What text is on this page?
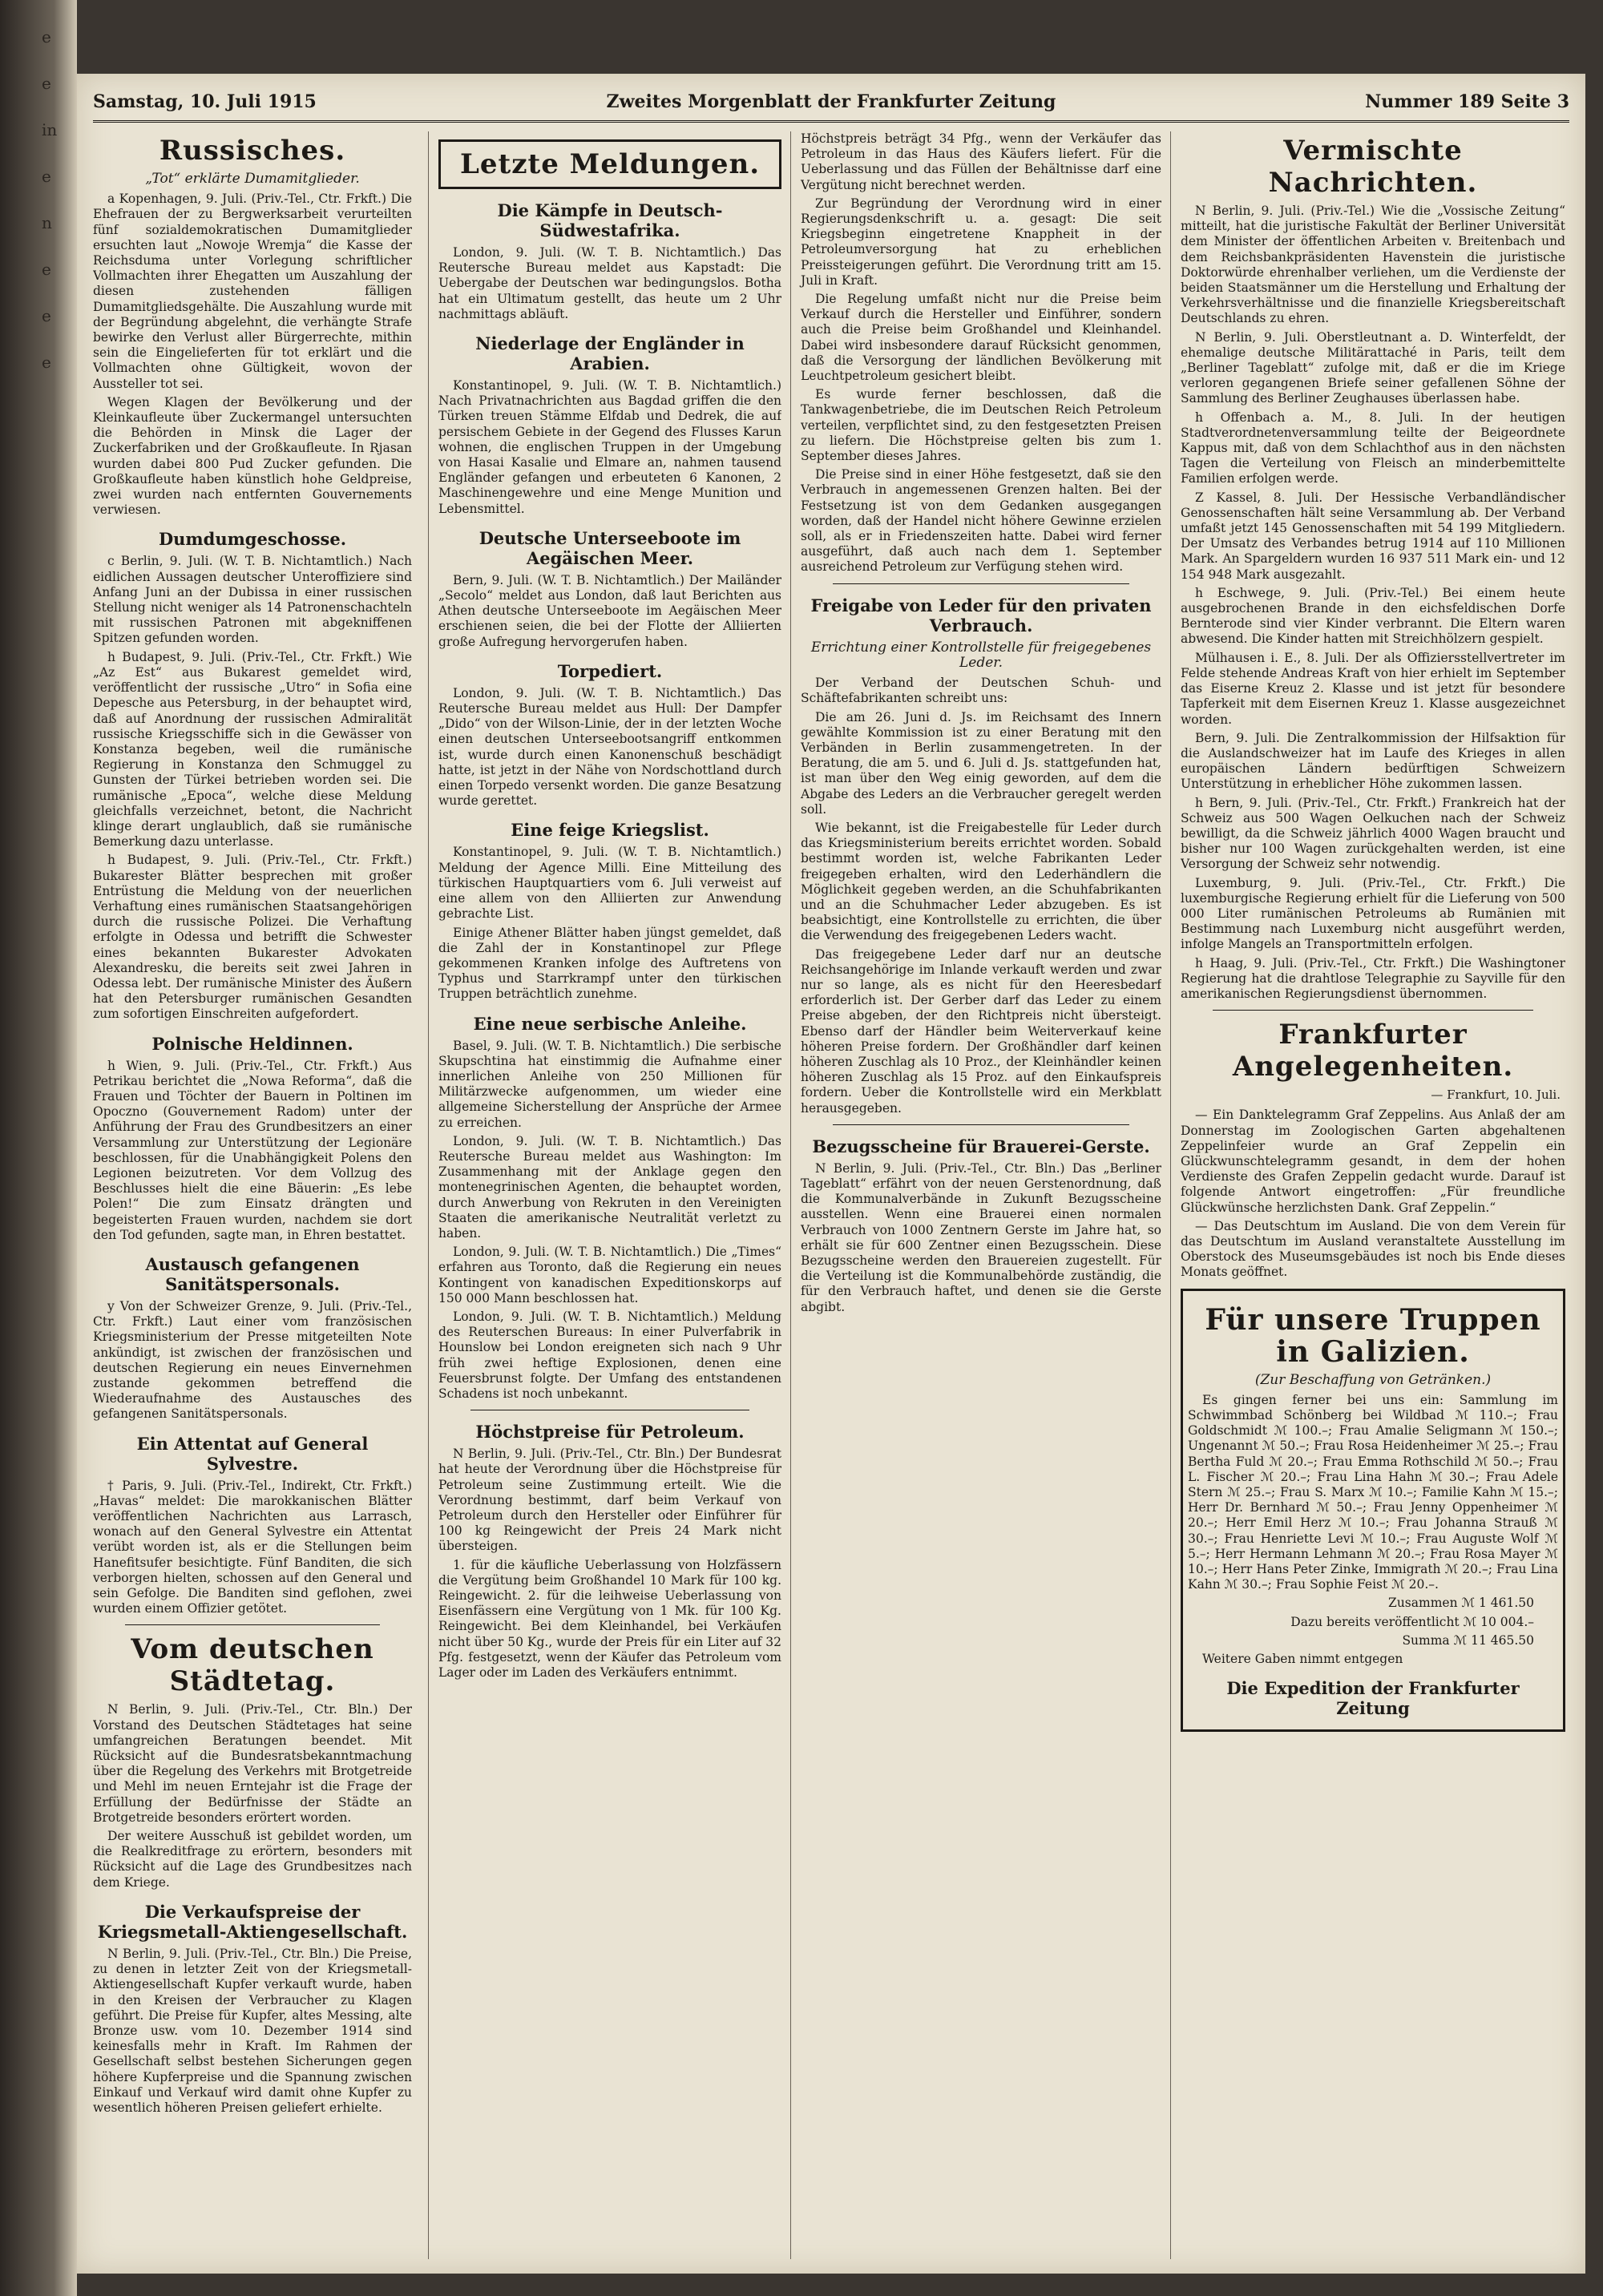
e
e
in
e
n
e
e
e
Samstag, 10. Juli 1915	Zweites Morgenblatt der Frankfurter Zeitung	Nummer 189 Seite 3
Russisches.
„Tot“ erklärte Dumamitglieder.

a Kopenhagen, 9. Juli. (Priv.-Tel., Ctr. Frkft.) Die Ehefrauen der zu Bergwerksarbeit verurteilten fünf sozialdemokratischen Dumamitglieder ersuchten laut „Nowoje Wremja“ die Kasse der Reichsduma unter Vorlegung schriftlicher Vollmachten ihrer Ehegatten um Auszahlung der diesen zustehenden fälligen Dumamitgliedsgehälte. Die Auszahlung wurde mit der Begründung abgelehnt, die verhängte Strafe bewirke den Verlust aller Bürgerrechte, mithin sein die Eingelieferten für tot erklärt und die Vollmachten ohne Gültigkeit, wovon der Aussteller tot sei.

Wegen Klagen der Bevölkerung und der Kleinkaufleute über Zuckermangel untersuchten die Behörden in Minsk die Lager der Zuckerfabriken und der Großkaufleute. In Rjasan wurden dabei 800 Pud Zucker gefunden. Die Großkaufleute haben künstlich hohe Geldpreise, zwei wurden nach entfernten Gouvernements verwiesen.

Dumdumgeschosse.

c Berlin, 9. Juli. (W. T. B. Nichtamtlich.) Nach eidlichen Aussagen deutscher Unteroffiziere sind Anfang Juni an der Dubissa in einer russischen Stellung nicht weniger als 14 Patronenschachteln mit russischen Patronen mit abgekniffenen Spitzen gefunden worden.

h Budapest, 9. Juli. (Priv.-Tel., Ctr. Frkft.) Wie „Az Est“ aus Bukarest gemeldet wird, veröffentlicht der russische „Utro“ in Sofia eine Depesche aus Petersburg, in der behauptet wird, daß auf Anordnung der russischen Admiralität russische Kriegsschiffe sich in die Gewässer von Konstanza begeben, weil die rumänische Regierung in Konstanza den Schmuggel zu Gunsten der Türkei betrieben worden sei. Die rumänische „Epoca“, welche diese Meldung gleichfalls verzeichnet, betont, die Nachricht klinge derart unglaublich, daß sie rumänische Bemerkung dazu unterlasse.

h Budapest, 9. Juli. (Priv.-Tel., Ctr. Frkft.) Bukarester Blätter besprechen mit großer Entrüstung die Meldung von der neuerlichen Verhaftung eines rumänischen Staatsangehörigen durch die russische Polizei. Die Verhaftung erfolgte in Odessa und betrifft die Schwester eines bekannten Bukarester Advokaten Alexandresku, die bereits seit zwei Jahren in Odessa lebt. Der rumänische Minister des Äußern hat den Petersburger rumänischen Gesandten zum sofortigen Einschreiten aufgefordert.

Polnische Heldinnen.

h Wien, 9. Juli. (Priv.-Tel., Ctr. Frkft.) Aus Petrikau berichtet die „Nowa Reforma“, daß die Frauen und Töchter der Bauern in Poltinen im Opoczno (Gouvernement Radom) unter der Anführung der Frau des Grundbesitzers an einer Versammlung zur Unterstützung der Legionäre beschlossen, für die Unabhängigkeit Polens den Legionen beizutreten. Vor dem Vollzug des Beschlusses hielt die eine Bäuerin: „Es lebe Polen!“ Die zum Einsatz drängten und begeisterten Frauen wurden, nachdem sie dort den Tod gefunden, sagte man, in Ehren bestattet.

Austausch gefangenen Sanitätspersonals.

y Von der Schweizer Grenze, 9. Juli. (Priv.-Tel., Ctr. Frkft.) Laut einer vom französischen Kriegsministerium der Presse mitgeteilten Note ankündigt, ist zwischen der französischen und deutschen Regierung ein neues Einvernehmen zustande gekommen betreffend die Wiederaufnahme des Austausches des gefangenen Sanitätspersonals.

Ein Attentat auf General Sylvestre.

† Paris, 9. Juli. (Priv.-Tel., Indirekt, Ctr. Frkft.) „Havas“ meldet: Die marokkanischen Blätter veröffentlichen Nachrichten aus Larrasch, wonach auf den General Sylvestre ein Attentat verübt worden ist, als er die Stellungen beim Hanefitsufer besichtigte. Fünf Banditen, die sich verborgen hielten, schossen auf den General und sein Gefolge. Die Banditen sind geflohen, zwei wurden einem Offizier getötet.

Vom deutschen Städtetag.

N Berlin, 9. Juli. (Priv.-Tel., Ctr. Bln.) Der Vorstand des Deutschen Städtetages hat seine umfangreichen Beratungen beendet. Mit Rücksicht auf die Bundesratsbekanntmachung über die Regelung des Verkehrs mit Brotgetreide und Mehl im neuen Erntejahr ist die Frage der Erfüllung der Bedürfnisse der Städte an Brotgetreide besonders erörtert worden.

Der weitere Ausschuß ist gebildet worden, um die Realkreditfrage zu erörtern, besonders mit Rücksicht auf die Lage des Grundbesitzes nach dem Kriege.

Die Verkaufspreise der Kriegsmetall-Aktiengesellschaft.

N Berlin, 9. Juli. (Priv.-Tel., Ctr. Bln.) Die Preise, zu denen in letzter Zeit von der Kriegsmetall-Aktiengesellschaft Kupfer verkauft wurde, haben in den Kreisen der Verbraucher zu Klagen geführt. Die Preise für Kupfer, altes Messing, alte Bronze usw. vom 10. Dezember 1914 sind keinesfalls mehr in Kraft. Im Rahmen der Gesellschaft selbst bestehen Sicherungen gegen höhere Kupferpreise und die Spannung zwischen Einkauf und Verkauf wird damit ohne Kupfer zu wesentlich höheren Preisen geliefert erhielte.

Letzte Meldungen.
Die Kämpfe in Deutsch-Südwestafrika.

London, 9. Juli. (W. T. B. Nichtamtlich.) Das Reutersche Bureau meldet aus Kapstadt: Die Uebergabe der Deutschen war bedingungslos. Botha hat ein Ultimatum gestellt, das heute um 2 Uhr nachmittags abläuft.

Niederlage der Engländer in Arabien.

Konstantinopel, 9. Juli. (W. T. B. Nichtamtlich.) Nach Privatnachrichten aus Bagdad griffen die den Türken treuen Stämme Elfdab und Dedrek, die auf persischem Gebiete in der Gegend des Flusses Karun wohnen, die englischen Truppen in der Umgebung von Hasai Kasalie und Elmare an, nahmen tausend Engländer gefangen und erbeuteten 6 Kanonen, 2 Maschinengewehre und eine Menge Munition und Lebensmittel.

Deutsche Unterseeboote im Aegäischen Meer.

Bern, 9. Juli. (W. T. B. Nichtamtlich.) Der Mailänder „Secolo“ meldet aus London, daß laut Berichten aus Athen deutsche Unterseeboote im Aegäischen Meer erschienen seien, die bei der Flotte der Alliierten große Aufregung hervorgerufen haben.

Torpediert.

London, 9. Juli. (W. T. B. Nichtamtlich.) Das Reutersche Bureau meldet aus Hull: Der Dampfer „Dido“ von der Wilson-Linie, der in der letzten Woche einen deutschen Unterseebootsangriff entkommen ist, wurde durch einen Kanonenschuß beschädigt hatte, ist jetzt in der Nähe von Nordschottland durch einen Torpedo versenkt worden. Die ganze Besatzung wurde gerettet.

Eine feige Kriegslist.

Konstantinopel, 9. Juli. (W. T. B. Nichtamtlich.) Meldung der Agence Milli. Eine Mitteilung des türkischen Hauptquartiers vom 6. Juli verweist auf eine allem von den Alliierten zur Anwendung gebrachte List.

Einige Athener Blätter haben jüngst gemeldet, daß die Zahl der in Konstantinopel zur Pflege gekommenen Kranken infolge des Auftretens von Typhus und Starrkrampf unter den türkischen Truppen beträchtlich zunehme.

Eine neue serbische Anleihe.

Basel, 9. Juli. (W. T. B. Nichtamtlich.) Die serbische Skupschtina hat einstimmig die Aufnahme einer innerlichen Anleihe von 250 Millionen für Militärzwecke aufgenommen, um wieder eine allgemeine Sicherstellung der Ansprüche der Armee zu erreichen.

London, 9. Juli. (W. T. B. Nichtamtlich.) Das Reutersche Bureau meldet aus Washington: Im Zusammenhang mit der Anklage gegen den montenegrinischen Agenten, die behauptet worden, durch Anwerbung von Rekruten in den Vereinigten Staaten die amerikanische Neutralität verletzt zu haben.

London, 9. Juli. (W. T. B. Nichtamtlich.) Die „Times“ erfahren aus Toronto, daß die Regierung ein neues Kontingent von kanadischen Expeditionskorps auf 150 000 Mann beschlossen hat.

London, 9. Juli. (W. T. B. Nichtamtlich.) Meldung des Reuterschen Bureaus: In einer Pulverfabrik in Hounslow bei London ereigneten sich nach 9 Uhr früh zwei heftige Explosionen, denen eine Feuersbrunst folgte. Der Umfang des entstandenen Schadens ist noch unbekannt.

Höchstpreise für Petroleum.

N Berlin, 9. Juli. (Priv.-Tel., Ctr. Bln.) Der Bundesrat hat heute der Verordnung über die Höchstpreise für Petroleum seine Zustimmung erteilt. Wie die Verordnung bestimmt, darf beim Verkauf von Petroleum durch den Hersteller oder Einführer für 100 kg Reingewicht der Preis 24 Mark nicht übersteigen.

1. für die käufliche Ueberlassung von Holzfässern die Vergütung beim Großhandel 10 Mark für 100 kg. Reingewicht. 2. für die leihweise Ueberlassung von Eisenfässern eine Vergütung von 1 Mk. für 100 Kg. Reingewicht. Bei dem Kleinhandel, bei Verkäufen nicht über 50 Kg., wurde der Preis für ein Liter auf 32 Pfg. festgesetzt, wenn der Käufer das Petroleum vom Lager oder im Laden des Verkäufers entnimmt.

Höchstpreis beträgt 34 Pfg., wenn der Verkäufer das Petroleum in das Haus des Käufers liefert. Für die Ueberlassung und das Füllen der Behältnisse darf eine Vergütung nicht berechnet werden.

Zur Begründung der Verordnung wird in einer Regierungsdenkschrift u. a. gesagt: Die seit Kriegsbeginn eingetretene Knappheit in der Petroleumversorgung hat zu erheblichen Preissteigerungen geführt. Die Verordnung tritt am 15. Juli in Kraft.

Die Regelung umfaßt nicht nur die Preise beim Verkauf durch die Hersteller und Einführer, sondern auch die Preise beim Großhandel und Kleinhandel. Dabei wird insbesondere darauf Rücksicht genommen, daß die Versorgung der ländlichen Bevölkerung mit Leuchtpetroleum gesichert bleibt.

Es wurde ferner beschlossen, daß die Tankwagenbetriebe, die im Deutschen Reich Petroleum verteilen, verpflichtet sind, zu den festgesetzten Preisen zu liefern. Die Höchstpreise gelten bis zum 1. September dieses Jahres.

Die Preise sind in einer Höhe festgesetzt, daß sie den Verbrauch in angemessenen Grenzen halten. Bei der Festsetzung ist von dem Gedanken ausgegangen worden, daß der Handel nicht höhere Gewinne erzielen soll, als er in Friedenszeiten hatte. Dabei wird ferner ausgeführt, daß auch nach dem 1. September ausreichend Petroleum zur Verfügung stehen wird.

Freigabe von Leder für den privaten Verbrauch.
Errichtung einer Kontrollstelle für freigegebenes Leder.

Der Verband der Deutschen Schuh- und Schäftefabrikanten schreibt uns:

Die am 26. Juni d. Js. im Reichsamt des Innern gewählte Kommission ist zu einer Beratung mit den Verbänden in Berlin zusammengetreten. In der Beratung, die am 5. und 6. Juli d. Js. stattgefunden hat, ist man über den Weg einig geworden, auf dem die Abgabe des Leders an die Verbraucher geregelt werden soll.

Wie bekannt, ist die Freigabestelle für Leder durch das Kriegsministerium bereits errichtet worden. Sobald bestimmt worden ist, welche Fabrikanten Leder freigegeben erhalten, wird den Lederhändlern die Möglichkeit gegeben werden, an die Schuhfabrikanten und an die Schuhmacher Leder abzugeben. Es ist beabsichtigt, eine Kontrollstelle zu errichten, die über die Verwendung des freigegebenen Leders wacht.

Das freigegebene Leder darf nur an deutsche Reichsangehörige im Inlande verkauft werden und zwar nur so lange, als es nicht für den Heeresbedarf erforderlich ist. Der Gerber darf das Leder zu einem Preise abgeben, der den Richtpreis nicht übersteigt. Ebenso darf der Händler beim Weiterverkauf keine höheren Preise fordern. Der Großhändler darf keinen höheren Zuschlag als 10 Proz., der Kleinhändler keinen höheren Zuschlag als 15 Proz. auf den Einkaufspreis fordern. Ueber die Kontrollstelle wird ein Merkblatt herausgegeben.

Bezugsscheine für Brauerei-Gerste.

N Berlin, 9. Juli. (Priv.-Tel., Ctr. Bln.) Das „Berliner Tageblatt“ erfährt von der neuen Gerstenordnung, daß die Kommunalverbände in Zukunft Bezugsscheine ausstellen. Wenn eine Brauerei einen normalen Verbrauch von 1000 Zentnern Gerste im Jahre hat, so erhält sie für 600 Zentner einen Bezugsschein. Diese Bezugsscheine werden den Brauereien zugestellt. Für die Verteilung ist die Kommunalbehörde zuständig, die für den Verbrauch haftet, und denen sie die Gerste abgibt.

Vermischte Nachrichten.

N Berlin, 9. Juli. (Priv.-Tel.) Wie die „Vossische Zeitung“ mitteilt, hat die juristische Fakultät der Berliner Universität dem Minister der öffentlichen Arbeiten v. Breitenbach und dem Reichsbankpräsidenten Havenstein die juristische Doktorwürde ehrenhalber verliehen, um die Verdienste der beiden Staatsmänner um die Herstellung und Erhaltung der Verkehrsverhältnisse und die finanzielle Kriegsbereitschaft Deutschlands zu ehren.

N Berlin, 9. Juli. Oberstleutnant a. D. Winterfeldt, der ehemalige deutsche Militärattaché in Paris, teilt dem „Berliner Tageblatt“ zufolge mit, daß er die im Kriege verloren gegangenen Briefe seiner gefallenen Söhne der Sammlung des Berliner Zeughauses überlassen habe.

h Offenbach a. M., 8. Juli. In der heutigen Stadtverordnetenversammlung teilte der Beigeordnete Kappus mit, daß von dem Schlachthof aus in den nächsten Tagen die Verteilung von Fleisch an minderbemittelte Familien erfolgen werde.

Z Kassel, 8. Juli. Der Hessische Verbandländischer Genossenschaften hält seine Versammlung ab. Der Verband umfaßt jetzt 145 Genossenschaften mit 54 199 Mitgliedern. Der Umsatz des Verbandes betrug 1914 auf 110 Millionen Mark. An Spargeldern wurden 16 937 511 Mark ein- und 12 154 948 Mark ausgezahlt.

h Eschwege, 9. Juli. (Priv.-Tel.) Bei einem heute ausgebrochenen Brande in den eichsfeldischen Dorfe Bernterode sind vier Kinder verbrannt. Die Eltern waren abwesend. Die Kinder hatten mit Streichhölzern gespielt.

Mülhausen i. E., 8. Juli. Der als Offiziersstellvertreter im Felde stehende Andreas Kraft von hier erhielt im September das Eiserne Kreuz 2. Klasse und ist jetzt für besondere Tapferkeit mit dem Eisernen Kreuz 1. Klasse ausgezeichnet worden.

Bern, 9. Juli. Die Zentralkommission der Hilfsaktion für die Auslandschweizer hat im Laufe des Krieges in allen europäischen Ländern bedürftigen Schweizern Unterstützung in erheblicher Höhe zukommen lassen.

h Bern, 9. Juli. (Priv.-Tel., Ctr. Frkft.) Frankreich hat der Schweiz aus 500 Wagen Oelkuchen nach der Schweiz bewilligt, da die Schweiz jährlich 4000 Wagen braucht und bisher nur 100 Wagen zurückgehalten werden, ist eine Versorgung der Schweiz sehr notwendig.

Luxemburg, 9. Juli. (Priv.-Tel., Ctr. Frkft.) Die luxemburgische Regierung erhielt für die Lieferung von 500 000 Liter rumänischen Petroleums ab Rumänien mit Bestimmung nach Luxemburg nicht ausgeführt werden, infolge Mangels an Transportmitteln erfolgen.

h Haag, 9. Juli. (Priv.-Tel., Ctr. Frkft.) Die Washingtoner Regierung hat die drahtlose Telegraphie zu Sayville für den amerikanischen Regierungsdienst übernommen.

Frankfurter Angelegenheiten.
— Frankfurt, 10. Juli.

— Ein Danktelegramm Graf Zeppelins. Aus Anlaß der am Donnerstag im Zoologischen Garten abgehaltenen Zeppelinfeier wurde an Graf Zeppelin ein Glückwunschtelegramm gesandt, in dem der hohen Verdienste des Grafen Zeppelin gedacht wurde. Darauf ist folgende Antwort eingetroffen: „Für freundliche Glückwünsche herzlichsten Dank. Graf Zeppelin.“

— Das Deutschtum im Ausland. Die von dem Verein für das Deutschtum im Ausland veranstaltete Ausstellung im Oberstock des Museumsgebäudes ist noch bis Ende dieses Monats geöffnet.

Für unsere Truppen in Galizien.
(Zur Beschaffung von Getränken.)

Es gingen ferner bei uns ein: Sammlung im Schwimmbad Schönberg bei Wildbad ℳ 110.–; Frau Goldschmidt ℳ 100.–; Frau Amalie Seligmann ℳ 150.–; Ungenannt ℳ 50.–; Frau Rosa Heidenheimer ℳ 25.–; Frau Bertha Fuld ℳ 20.–; Frau Emma Rothschild ℳ 50.–; Frau L. Fischer ℳ 20.–; Frau Lina Hahn ℳ 30.–; Frau Adele Stern ℳ 25.–; Frau S. Marx ℳ 10.–; Familie Kahn ℳ 15.–; Herr Dr. Bernhard ℳ 50.–; Frau Jenny Oppenheimer ℳ 20.–; Herr Emil Herz ℳ 10.–; Frau Johanna Strauß ℳ 30.–; Frau Henriette Levi ℳ 10.–; Frau Auguste Wolf ℳ 5.–; Herr Hermann Lehmann ℳ 20.–; Frau Rosa Mayer ℳ 10.–; Herr Hans Peter Zinke, Immigrath ℳ 20.–; Frau Lina Kahn ℳ 30.–; Frau Sophie Feist ℳ 20.–.

Zusammen ℳ 1 461.50
Dazu bereits veröffentlicht ℳ 10 004.–
Summa ℳ 11 465.50

Weitere Gaben nimmt entgegen

Die Expedition der Frankfurter Zeitung
